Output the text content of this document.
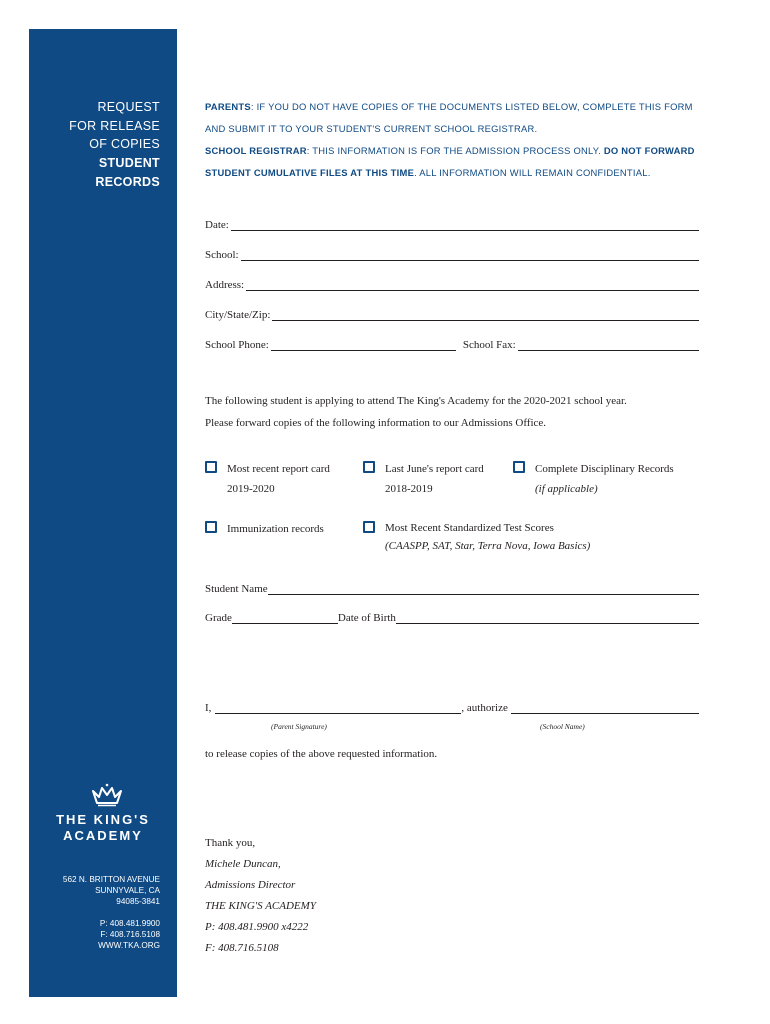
REQUEST
FOR RELEASE
OF COPIES
STUDENT
RECORDS
THE KING'S
ACADEMY
562 N. BRITTON AVENUE
SUNNYVALE, CA
94085-3841
P: 408.481.9900
F: 408.716.5108
WWW.TKA.ORG
PARENTS: IF YOU DO NOT HAVE COPIES OF THE DOCUMENTS LISTED BELOW, COMPLETE THIS FORM
AND SUBMIT IT TO YOUR STUDENT'S CURRENT SCHOOL REGISTRAR.
SCHOOL REGISTRAR: THIS INFORMATION IS FOR THE ADMISSION PROCESS ONLY. DO NOT FORWARD
STUDENT CUMULATIVE FILES AT THIS TIME. ALL INFORMATION WILL REMAIN CONFIDENTIAL.
Date:
School:
Address:
City/State/Zip:
School Phone:	School Fax:
The following student is applying to attend The King's Academy for the 2020-2021 school year.
Please forward copies of the following information to our Admissions Office.
Most recent report card
2019-2020
Last June's report card
2018-2019
Complete Disciplinary Records
(if applicable)
Immunization records	Most Recent Standardized Test Scores
(CAASPP, SAT, Star, Terra Nova, Iowa Basics)
Student Name
Grade	Date of Birth
I,	, authorize
(Parent Signature)	(School Name)
to release copies of the above requested information.
Thank you,
Michele Duncan,
Admissions Director
THE KING'S ACADEMY
P: 408.481.9900 x4222
F: 408.716.5108
